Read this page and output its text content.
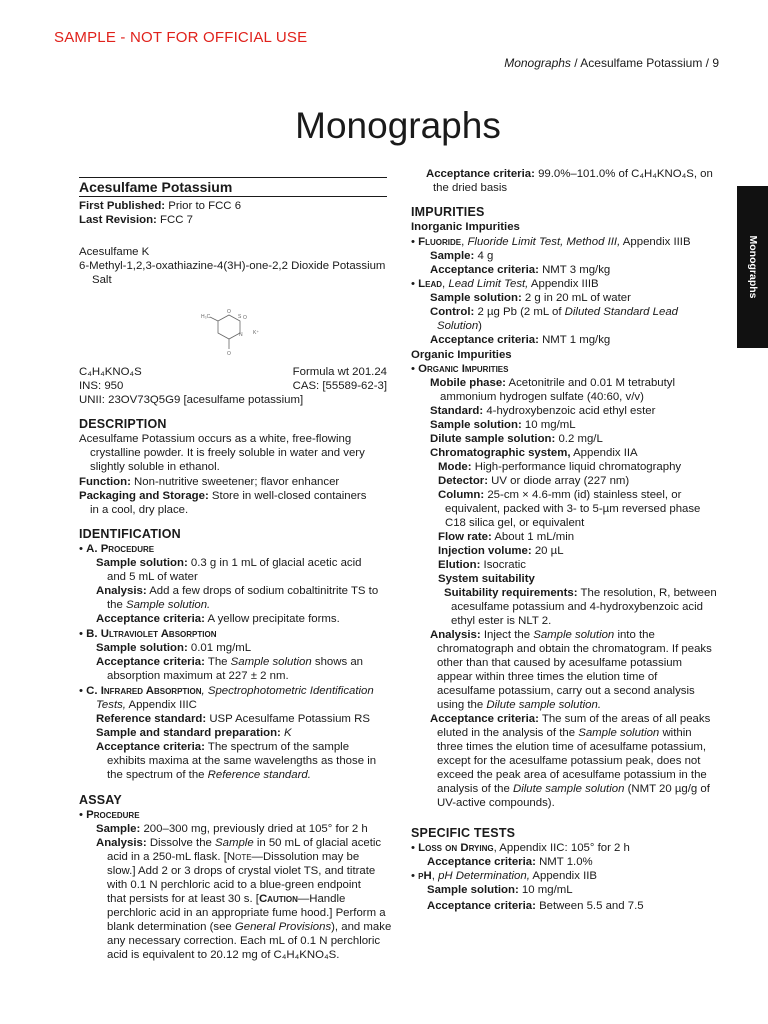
SAMPLE - NOT FOR OFFICIAL USE
Monographs / Acesulfame Potassium / 9
Monographs
Monographs
Acesulfame Potassium
First Published: Prior to FCC 6
Last Revision: FCC 7
Acesulfame K
6-Methyl-1,2,3-oxathiazine-4(3H)-one-2,2 Dioxide Potassium
Salt
C₄H₄KNO₄S	Formula wt 201.24
INS: 950	CAS: [55589-62-3]
UNII: 23OV73Q5G9 [acesulfame potassium]
DESCRIPTION
Acesulfame Potassium occurs as a white, free-flowing
crystalline powder. It is freely soluble in water and very
slightly soluble in ethanol.
Function: Non-nutritive sweetener; flavor enhancer
Packaging and Storage: Store in well-closed containers
in a cool, dry place.
IDENTIFICATION
• A. Procedure
Sample solution: 0.3 g in 1 mL of glacial acetic acid
and 5 mL of water
Analysis: Add a few drops of sodium cobaltinitrite TS to
the Sample solution.
Acceptance criteria: A yellow precipitate forms.
• B. Ultraviolet Absorption
Sample solution: 0.01 mg/mL
Acceptance criteria: The Sample solution shows an
absorption maximum at 227 ± 2 nm.
• C. Infrared Absorption, Spectrophotometric Identification
Tests, Appendix IIIC
Reference standard: USP Acesulfame Potassium RS
Sample and standard preparation: K
Acceptance criteria: The spectrum of the sample
exhibits maxima at the same wavelengths as those in
the spectrum of the Reference standard.
ASSAY
• Procedure
Sample: 200–300 mg, previously dried at 105° for 2 h
Analysis: Dissolve the Sample in 50 mL of glacial acetic
acid in a 250-mL flask. [Note—Dissolution may be
slow.] Add 2 or 3 drops of crystal violet TS, and titrate
with 0.1 N perchloric acid to a blue-green endpoint
that persists for at least 30 s. [Caution—Handle
perchloric acid in an appropriate fume hood.] Perform a
blank determination (see General Provisions), and make
any necessary correction. Each mL of 0.1 N perchloric
acid is equivalent to 20.12 mg of C₄H₄KNO₄S.
H₃C
O
O
S
N K⁺
O
Acceptance criteria: 99.0%–101.0% of C₄H₄KNO₄S, on
the dried basis
IMPURITIES
Inorganic Impurities
• Fluoride, Fluoride Limit Test, Method III, Appendix IIIB
Sample: 4 g
Acceptance criteria: NMT 3 mg/kg
• Lead, Lead Limit Test, Appendix IIIB
Sample solution: 2 g in 20 mL of water
Control: 2 µg Pb (2 mL of Diluted Standard Lead
Solution)
Acceptance criteria: NMT 1 mg/kg
Organic Impurities
• Organic Impurities
Mobile phase: Acetonitrile and 0.01 M tetrabutyl
ammonium hydrogen sulfate (40:60, v/v)
Standard: 4-hydroxybenzoic acid ethyl ester
Sample solution: 10 mg/mL
Dilute sample solution: 0.2 mg/L
Chromatographic system, Appendix IIA
Mode: High-performance liquid chromatography
Detector: UV or diode array (227 nm)
Column: 25-cm × 4.6-mm (id) stainless steel, or
equivalent, packed with 3- to 5-µm reversed phase
C18 silica gel, or equivalent
Flow rate: About 1 mL/min
Injection volume: 20 µL
Elution: Isocratic
System suitability
Suitability requirements: The resolution, R, between
acesulfame potassium and 4-hydroxybenzoic acid
ethyl ester is NLT 2.
Analysis: Inject the Sample solution into the
chromatograph and obtain the chromatogram. If peaks
other than that caused by acesulfame potassium
appear within three times the elution time of
acesulfame potassium, carry out a second analysis
using the Dilute sample solution.
Acceptance criteria: The sum of the areas of all peaks
eluted in the analysis of the Sample solution within
three times the elution time of acesulfame potassium,
except for the acesulfame potassium peak, does not
exceed the peak area of acesulfame potassium in the
analysis of the Dilute sample solution (NMT 20 µg/g of
UV-active compounds).
SPECIFIC TESTS
• Loss on Drying, Appendix IIC: 105° for 2 h
Acceptance criteria: NMT 1.0%
• pH, pH Determination, Appendix IIB
Sample solution: 10 mg/mL
Acceptance criteria: Between 5.5 and 7.5
